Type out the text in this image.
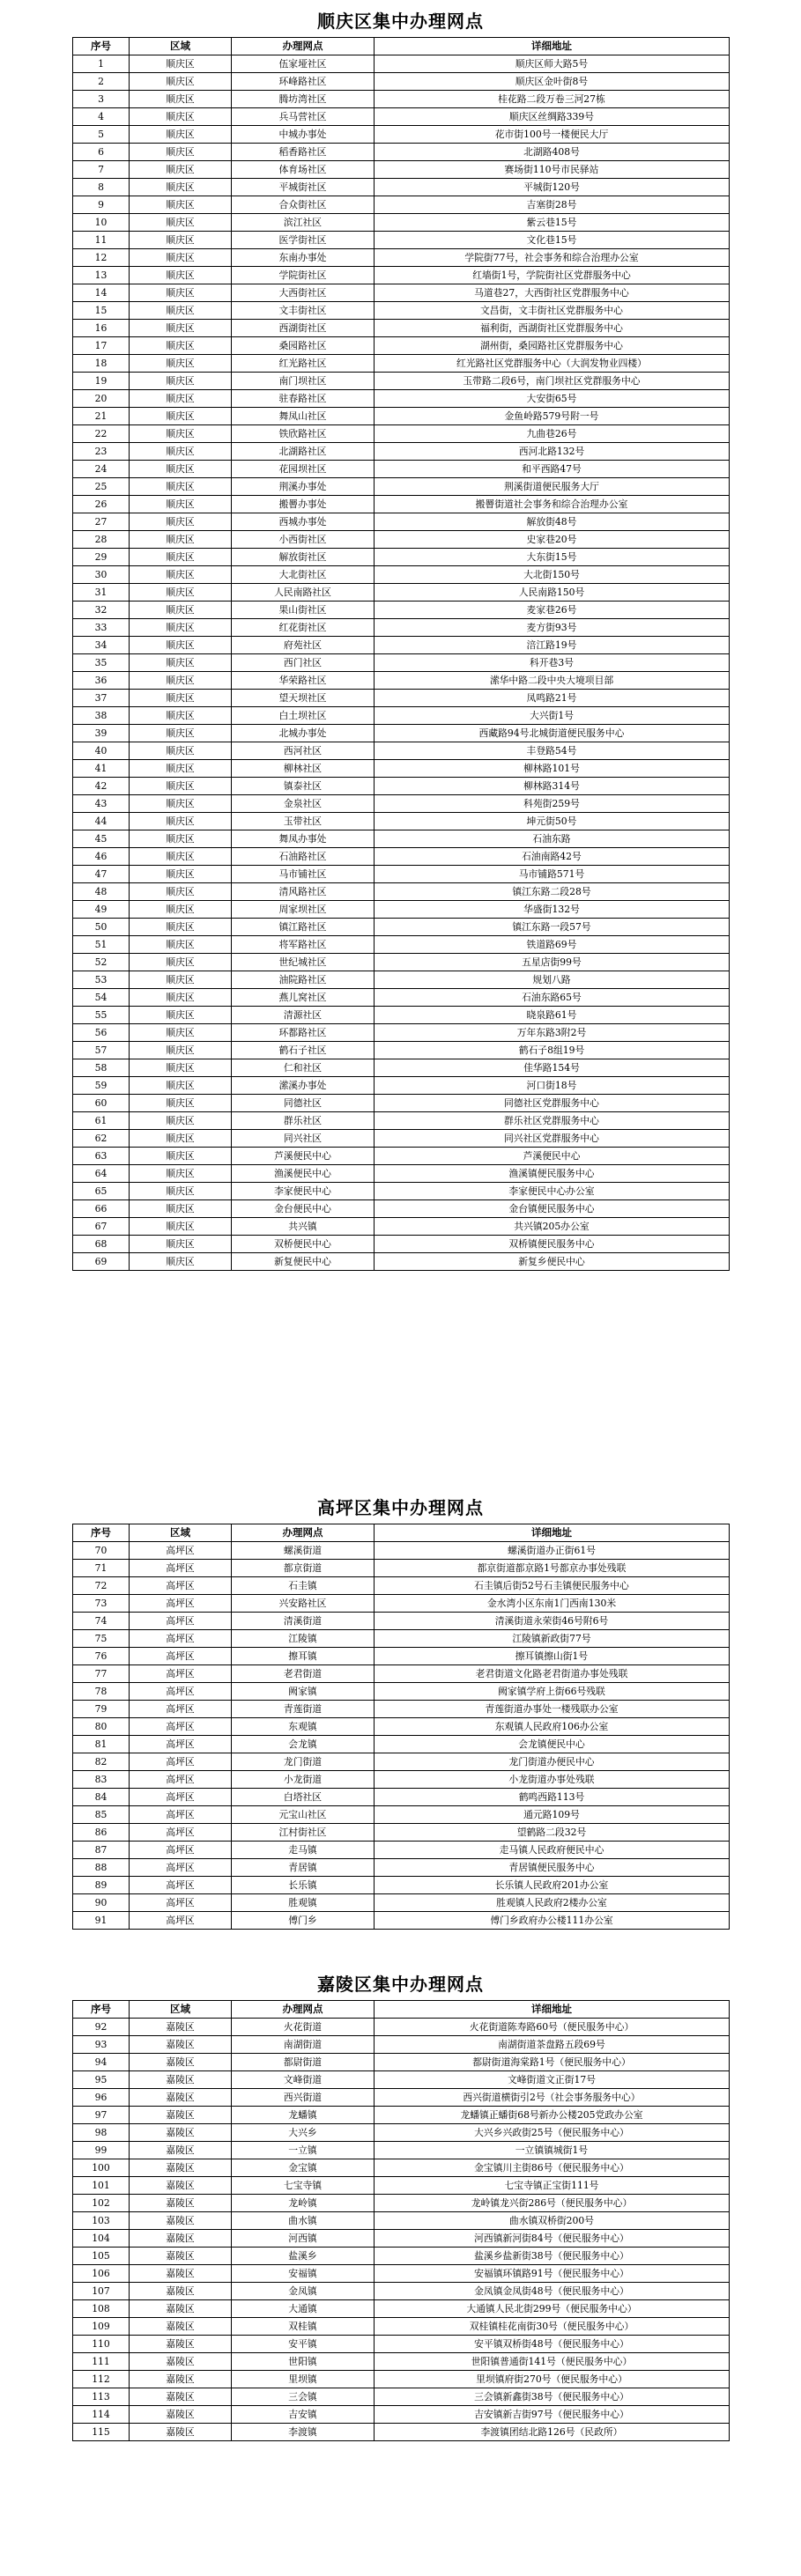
顺庆区集中办理网点
序号	区域	办理网点	详细地址
1	顺庆区	伍家垭社区	顺庆区师大路5号
2	顺庆区	环峰路社区	顺庆区金叶街8号
3	顺庆区	腾坊湾社区	桂花路二段万卷三河27栋
4	顺庆区	兵马营社区	顺庆区丝绸路339号
5	顺庆区	中城办事处	花市街100号一楼便民大厅
6	顺庆区	稻香路社区	北湖路408号
7	顺庆区	体育场社区	赛场街110号市民驿站
8	顺庆区	平城街社区	平城街120号
9	顺庆区	合众街社区	吉塞街28号
10	顺庆区	滨江社区	紫云巷15号
11	顺庆区	医学街社区	文化巷15号
12	顺庆区	东南办事处	学院街77号，社会事务和综合治理办公室
13	顺庆区	学院街社区	红墙街1号，学院街社区党群服务中心
14	顺庆区	大西街社区	马道巷27，大西街社区党群服务中心
15	顺庆区	文丰街社区	文昌街，文丰街社区党群服务中心
16	顺庆区	西湖街社区	福利街，西湖街社区党群服务中心
17	顺庆区	桑园路社区	湖州街，桑园路社区党群服务中心
18	顺庆区	红光路社区	红光路社区党群服务中心（大润发物业四楼）
19	顺庆区	南门坝社区	玉带路二段6号，南门坝社区党群服务中心
20	顺庆区	驻春路社区	大安街65号
21	顺庆区	舞凤山社区	金鱼岭路579号附一号
22	顺庆区	铁欣路社区	九曲巷26号
23	顺庆区	北湖路社区	西河北路132号
24	顺庆区	花园坝社区	和平西路47号
25	顺庆区	荆溪办事处	荆溪街道便民服务大厅
26	顺庆区	搬罾办事处	搬罾街道社会事务和综合治理办公室
27	顺庆区	西城办事处	解放街48号
28	顺庆区	小西街社区	史家巷20号
29	顺庆区	解放街社区	大东街15号
30	顺庆区	大北街社区	大北街150号
31	顺庆区	人民南路社区	人民南路150号
32	顺庆区	果山街社区	麦家巷26号
33	顺庆区	红花街社区	麦方街93号
34	顺庆区	府苑社区	涪江路19号
35	顺庆区	西门社区	科开巷3号
36	顺庆区	华荣路社区	潆华中路二段中央大境项目部
37	顺庆区	望天坝社区	凤鸣路21号
38	顺庆区	白土坝社区	大兴街1号
39	顺庆区	北城办事处	西藏路94号北城街道便民服务中心
40	顺庆区	西河社区	丰登路54号
41	顺庆区	柳林社区	柳林路101号
42	顺庆区	镇泰社区	柳林路314号
43	顺庆区	金泉社区	科苑街259号
44	顺庆区	玉带社区	坤元街50号
45	顺庆区	舞凤办事处	石油东路
46	顺庆区	石油路社区	石油南路42号
47	顺庆区	马市铺社区	马市铺路571号
48	顺庆区	清风路社区	镇江东路二段28号
49	顺庆区	周家坝社区	华盛街132号
50	顺庆区	镇江路社区	镇江东路一段57号
51	顺庆区	将军路社区	铁道路69号
52	顺庆区	世纪城社区	五星店街99号
53	顺庆区	油院路社区	规划八路
54	顺庆区	燕儿窝社区	石油东路65号
55	顺庆区	清源社区	晓泉路61号
56	顺庆区	环都路社区	万年东路3附2号
57	顺庆区	鹤石子社区	鹤石子8组19号
58	顺庆区	仁和社区	佳华路154号
59	顺庆区	潆溪办事处	河口街18号
60	顺庆区	同德社区	同德社区党群服务中心
61	顺庆区	群乐社区	群乐社区党群服务中心
62	顺庆区	同兴社区	同兴社区党群服务中心
63	顺庆区	芦溪便民中心	芦溪便民中心
64	顺庆区	渔溪便民中心	渔溪镇便民服务中心
65	顺庆区	李家便民中心	李家便民中心办公室
66	顺庆区	金台便民中心	金台镇便民服务中心
67	顺庆区	共兴镇	共兴镇205办公室
68	顺庆区	双桥便民中心	双桥镇便民服务中心
69	顺庆区	新复便民中心	新复乡便民中心
高坪区集中办理网点
序号	区域	办理网点	详细地址
70	高坪区	螺溪街道	螺溪街道办正街61号
71	高坪区	都京街道	都京街道都京路1号都京办事处残联
72	高坪区	石圭镇	石圭镇后街52号石圭镇便民服务中心
73	高坪区	兴安路社区	金水湾小区东南1门西南130米
74	高坪区	清溪街道	清溪街道永荣街46号附6号
75	高坪区	江陵镇	江陵镇新政街77号
76	高坪区	擦耳镇	擦耳镇擦山街1号
77	高坪区	老君街道	老君街道文化路老君街道办事处残联
78	高坪区	阙家镇	阙家镇学府上街66号残联
79	高坪区	青莲街道	青莲街道办事处一楼残联办公室
80	高坪区	东观镇	东观镇人民政府106办公室
81	高坪区	会龙镇	会龙镇便民中心
82	高坪区	龙门街道	龙门街道办便民中心
83	高坪区	小龙街道	小龙街道办事处残联
84	高坪区	白塔社区	鹤鸣西路113号
85	高坪区	元宝山社区	通元路109号
86	高坪区	江村街社区	望鹤路二段32号
87	高坪区	走马镇	走马镇人民政府便民中心
88	高坪区	青居镇	青居镇便民服务中心
89	高坪区	长乐镇	长乐镇人民政府201办公室
90	高坪区	胜观镇	胜观镇人民政府2楼办公室
91	高坪区	傅门乡	傅门乡政府办公楼111办公室
嘉陵区集中办理网点
序号	区域	办理网点	详细地址
92	嘉陵区	火花街道	火花街道陈寿路60号（便民服务中心）
93	嘉陵区	南湖街道	南湖街道茶盘路五段69号
94	嘉陵区	都尉街道	都尉街道海棠路1号（便民服务中心）
95	嘉陵区	文峰街道	文峰街道文正街17号
96	嘉陵区	西兴街道	西兴街道横街引2号（社会事务服务中心）
97	嘉陵区	龙蟠镇	龙蟠镇正蟠街68号新办公楼205党政办公室
98	嘉陵区	大兴乡	大兴乡兴政街25号（便民服务中心）
99	嘉陵区	一立镇	一立镇镇城街1号
100	嘉陵区	金宝镇	金宝镇川主街86号（便民服务中心）
101	嘉陵区	七宝寺镇	七宝寺镇正宝街111号
102	嘉陵区	龙岭镇	龙岭镇龙兴街286号（便民服务中心）
103	嘉陵区	曲水镇	曲水镇双桥街200号
104	嘉陵区	河西镇	河西镇新河街84号（便民服务中心）
105	嘉陵区	盐溪乡	盐溪乡盐新街38号（便民服务中心）
106	嘉陵区	安福镇	安福镇环镇路91号（便民服务中心）
107	嘉陵区	金凤镇	金凤镇金凤街48号（便民服务中心）
108	嘉陵区	大通镇	大通镇人民北街299号（便民服务中心）
109	嘉陵区	双桂镇	双桂镇桂花南街30号（便民服务中心）
110	嘉陵区	安平镇	安平镇双桥街48号（便民服务中心）
111	嘉陵区	世阳镇	世阳镇普通街141号（便民服务中心）
112	嘉陵区	里坝镇	里坝镇府街270号（便民服务中心）
113	嘉陵区	三会镇	三会镇新鑫街38号（便民服务中心）
114	嘉陵区	吉安镇	吉安镇新吉街97号（便民服务中心）
115	嘉陵区	李渡镇	李渡镇团结北路126号（民政所）
